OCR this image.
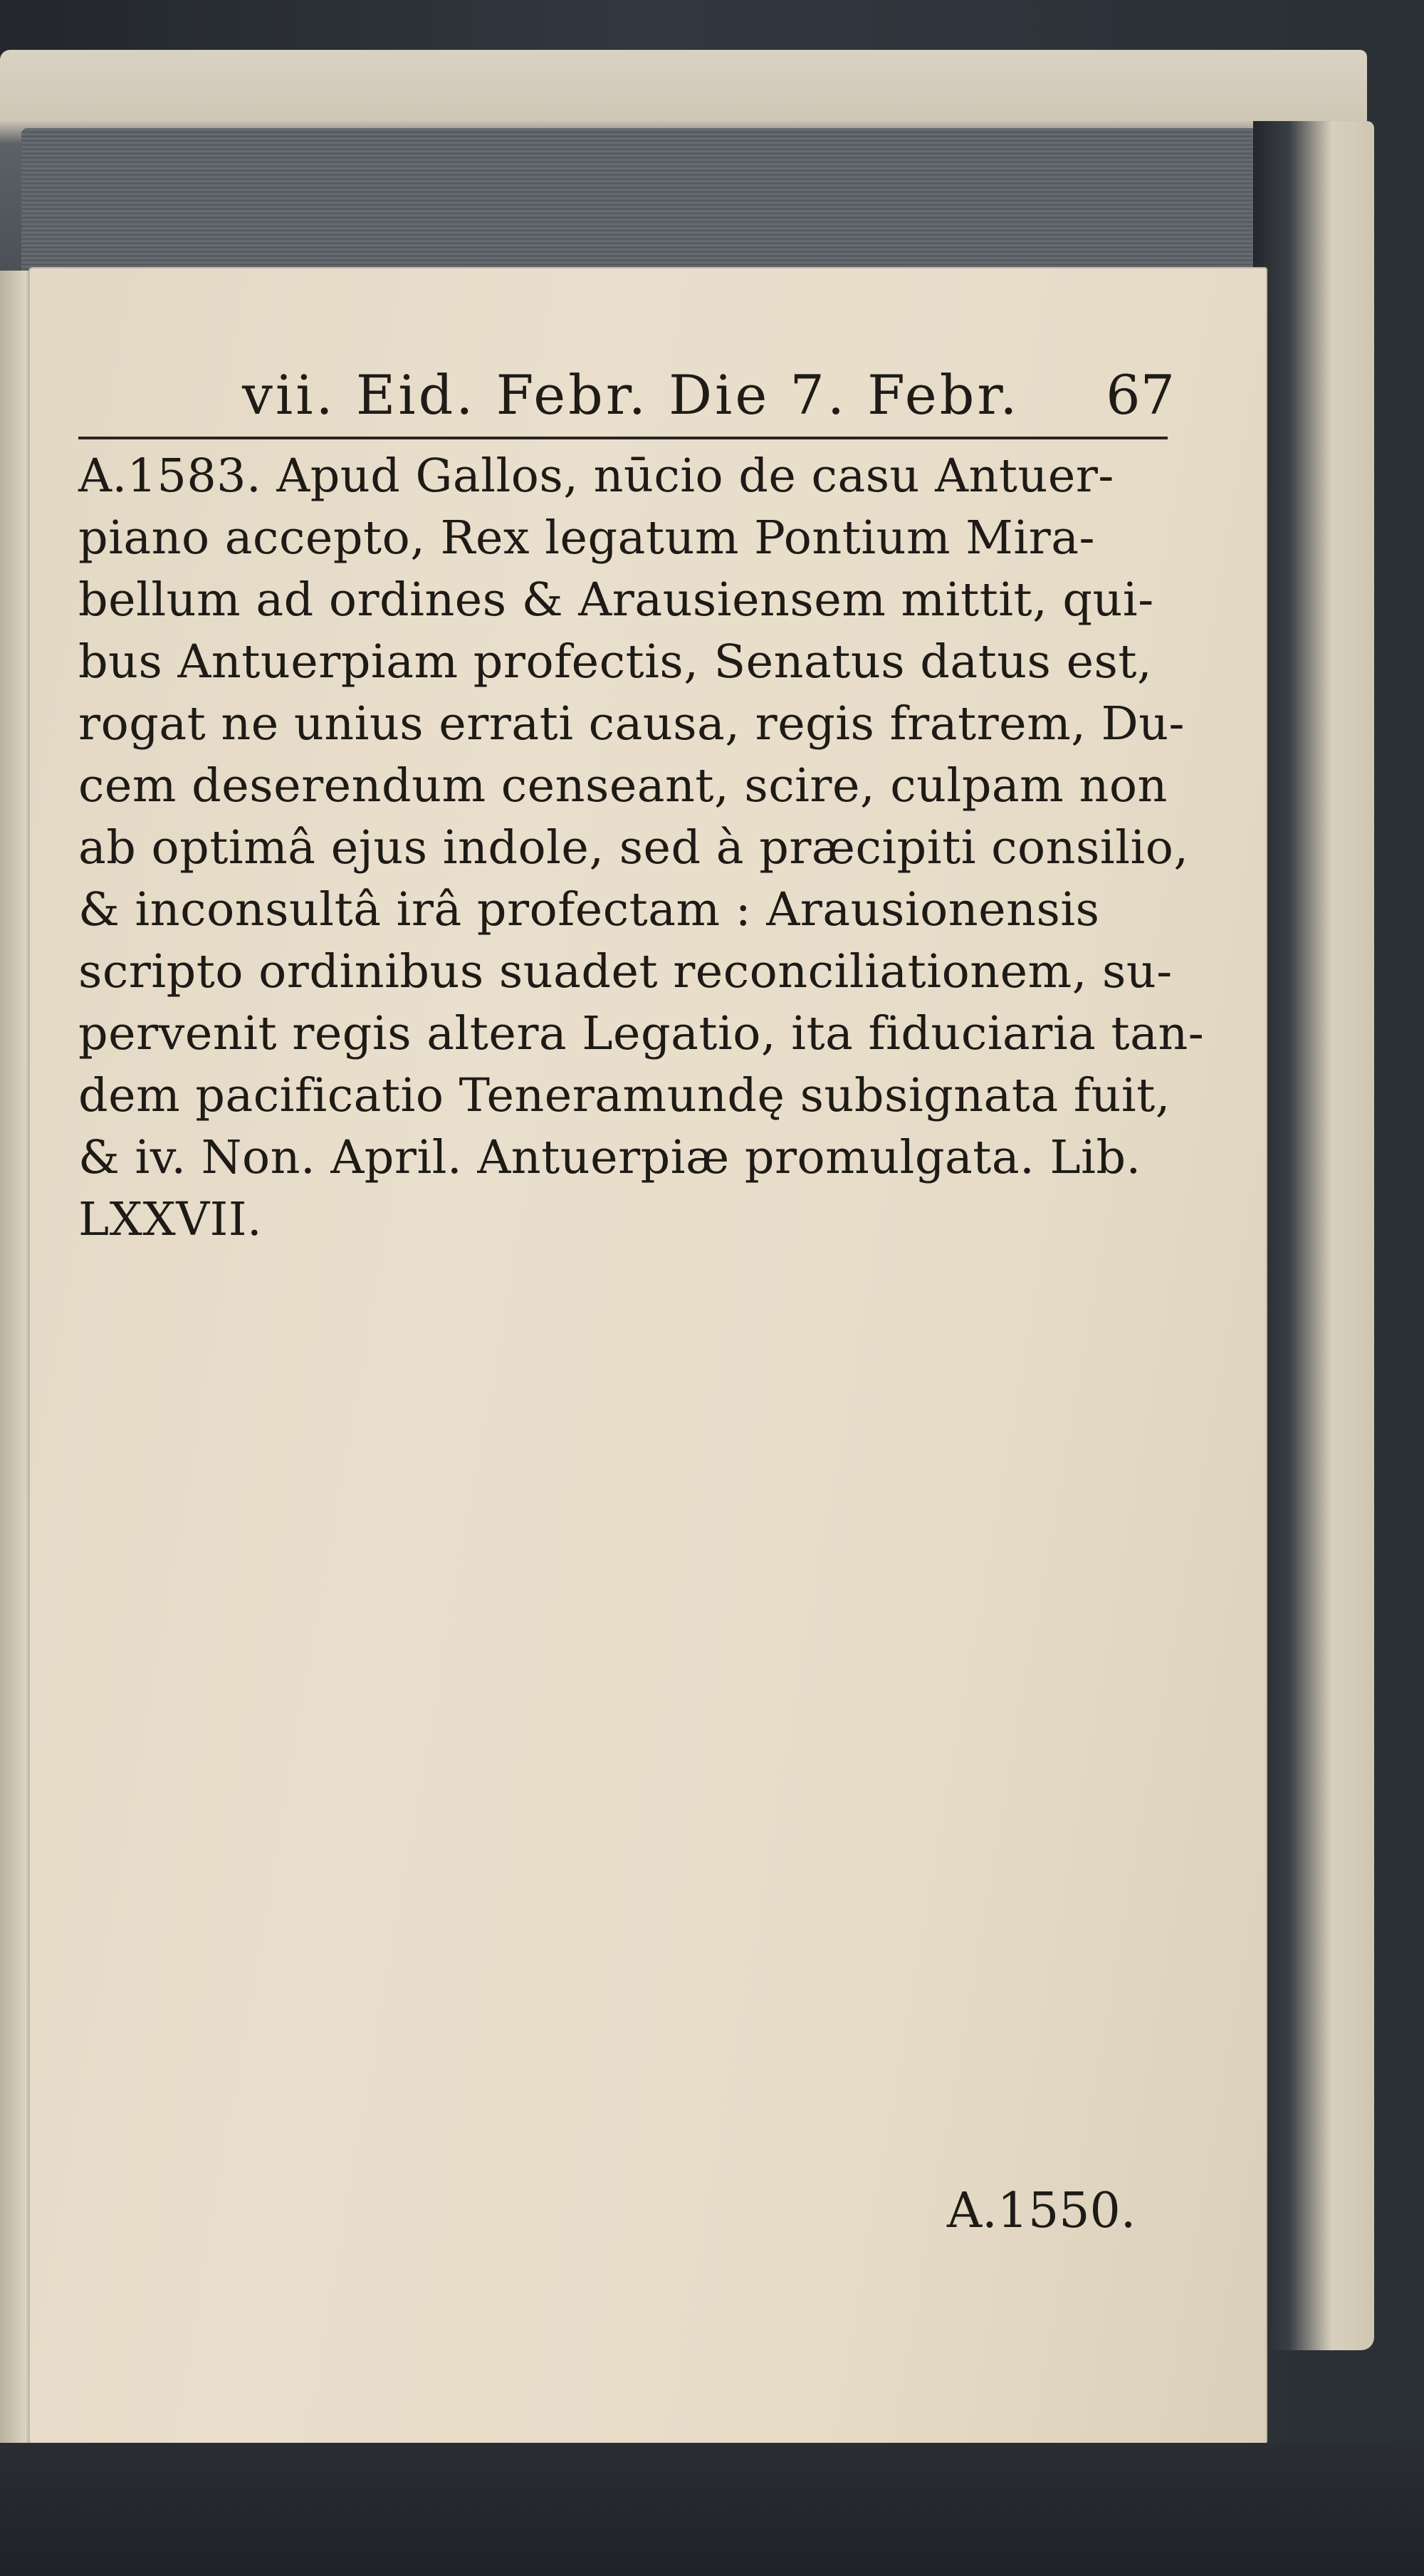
vii. Eid. Febr. Die 7. Febr. 67
A.1583. Apud Gallos, nūcio de casu Antuer-
piano accepto, Rex legatum Pontium Mira-
bellum ad ordines & Arausiensem mittit, qui-
bus Antuerpiam profectis, Senatus datus est,
rogat ne unius errati causa, regis fratrem, Du-
cem deserendum censeant, scire, culpam non
ab optimâ ejus indole, sed à præcipiti consilio,
& inconsultâ irâ profectam : Arausionensis
scripto ordinibus suadet reconciliationem, su-
pervenit regis altera Legatio, ita fiduciaria tan-
dem pacificatio Teneramundę subsignata fuit,
& iv. Non. April. Antuerpiæ promulgata. Lib.
LXXVII.
A.1550.
